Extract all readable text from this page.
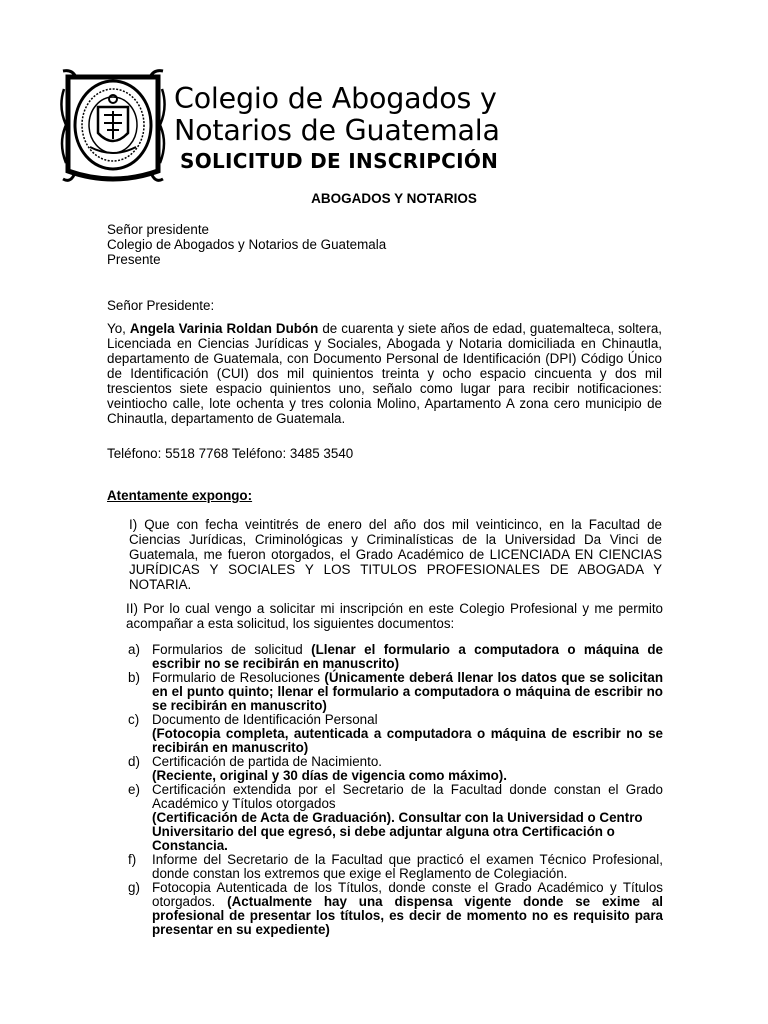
Colegio de Abogados y
Notarios de Guatemala
SOLICITUD DE INSCRIPCIÓN
ABOGADOS Y NOTARIOS
Señor presidente
Colegio de Abogados y Notarios de Guatemala
Presente
Señor Presidente:
Yo, Angela Varinia Roldan Dubón de cuarenta y siete años de edad, guatemalteca, soltera, Licenciada en Ciencias Jurídicas y Sociales, Abogada y Notaria domiciliada en Chinautla, departamento de Guatemala, con Documento Personal de Identificación (DPI) Código Único de Identificación (CUI) dos mil quinientos treinta y ocho espacio cincuenta y dos mil trescientos siete espacio quinientos uno, señalo como lugar para recibir notificaciones: veintiocho calle, lote ochenta y tres colonia Molino, Apartamento A zona cero municipio de Chinautla, departamento de Guatemala.
Teléfono: 5518 7768 Teléfono: 3485 3540
Atentamente expongo:
I) Que con fecha veintitrés de enero del año dos mil veinticinco, en la Facultad de Ciencias Jurídicas, Criminológicas y Criminalísticas de la Universidad Da Vinci de Guatemala, me fueron otorgados, el Grado Académico de LICENCIADA EN CIENCIAS JURÍDICAS Y SOCIALES Y LOS TITULOS PROFESIONALES DE ABOGADA Y NOTARIA.
II) Por lo cual vengo a solicitar mi inscripción en este Colegio Profesional y me permito acompañar a esta solicitud, los siguientes documentos:
a) Formularios de solicitud (Llenar el formulario a computadora o máquina de escribir no se recibirán en manuscrito)
b) Formulario de Resoluciones (Únicamente deberá llenar los datos que se solicitan en el punto quinto; llenar el formulario a computadora o máquina de escribir no se recibirán en manuscrito)
c) Documento de Identificación Personal
(Fotocopia completa, autenticada a computadora o máquina de escribir no se recibirán en manuscrito)
d) Certificación de partida de Nacimiento.
(Reciente, original y 30 días de vigencia como máximo).
e) Certificación extendida por el Secretario de la Facultad donde constan el Grado Académico y Títulos otorgados
(Certificación de Acta de Graduación). Consultar con la Universidad o Centro Universitario del que egresó, si debe adjuntar alguna otra Certificación o Constancia.
f) Informe del Secretario de la Facultad que practicó el examen Técnico Profesional, donde constan los extremos que exige el Reglamento de Colegiación.
g) Fotocopia Autenticada de los Títulos, donde conste el Grado Académico y Títulos otorgados. (Actualmente hay una dispensa vigente donde se exime al profesional de presentar los títulos, es decir de momento no es requisito para presentar en su expediente)
